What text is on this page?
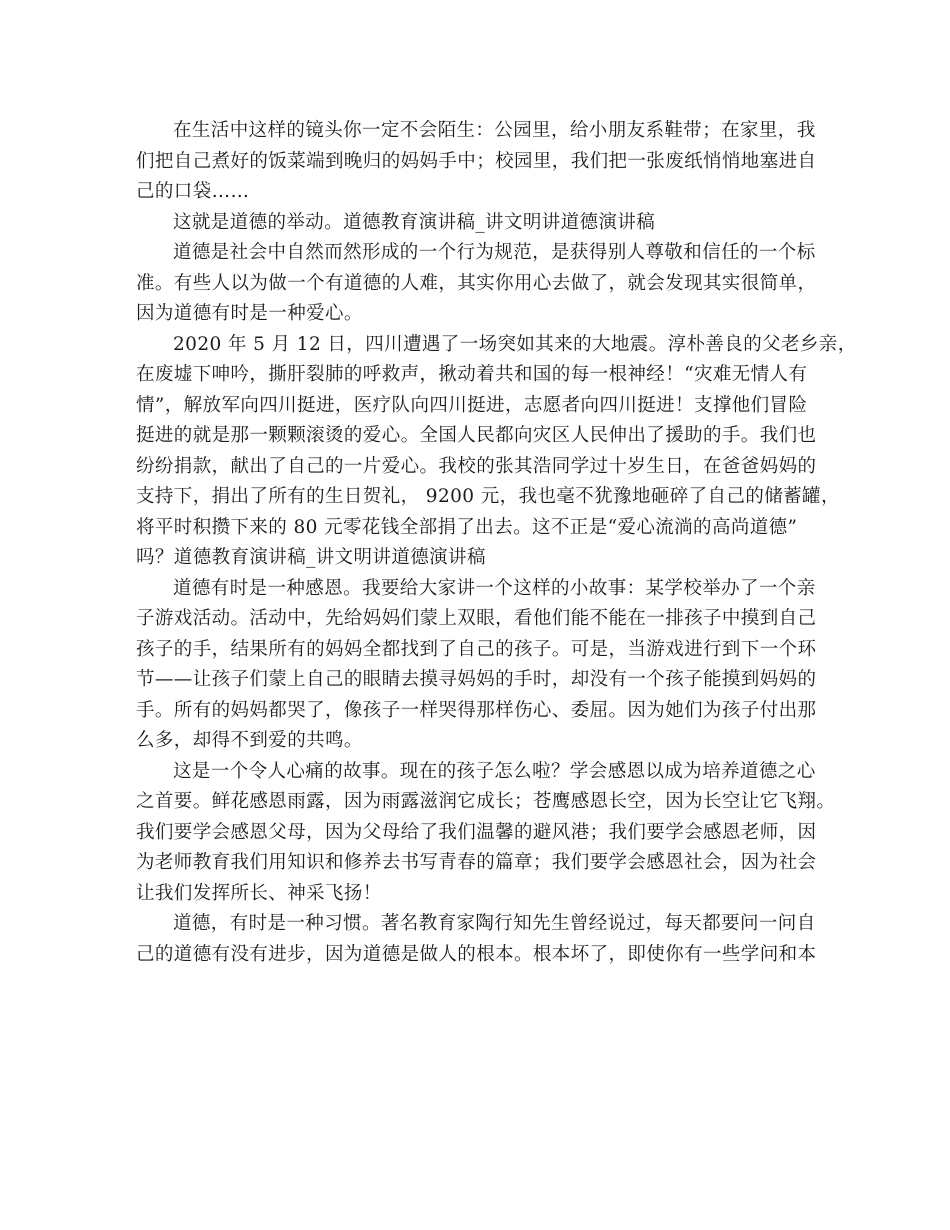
在生活中这样的镜头你一定不会陌生：公园里，给小朋友系鞋带；在家里，我
们把自己煮好的饭菜端到晚归的妈妈手中；校园里，我们把一张废纸悄悄地塞进自
己的口袋……
这就是道德的举动。道德教育演讲稿_讲文明讲道德演讲稿
道德是社会中自然而然形成的一个行为规范，是获得别人尊敬和信任的一个标
准。有些人以为做一个有道德的人难，其实你用心去做了，就会发现其实很简单，
因为道德有时是一种爱心。
2020 年 5 月 12 日，四川遭遇了一场突如其来的大地震。淳朴善良的父老乡亲，
在废墟下呻吟，撕肝裂肺的呼救声，揪动着共和国的每一根神经！“灾难无情人有
情”，解放军向四川挺进，医疗队向四川挺进，志愿者向四川挺进！支撑他们冒险
挺进的就是那一颗颗滚烫的爱心。全国人民都向灾区人民伸出了援助的手。我们也
纷纷捐款，献出了自己的一片爱心。我校的张其浩同学过十岁生日，在爸爸妈妈的
支持下，捐出了所有的生日贺礼， 9200 元，我也毫不犹豫地砸碎了自己的储蓄罐，
将平时积攒下来的 80 元零花钱全部捐了出去。这不正是“爱心流淌的高尚道德”
吗？道德教育演讲稿_讲文明讲道德演讲稿
道德有时是一种感恩。我要给大家讲一个这样的小故事：某学校举办了一个亲
子游戏活动。活动中，先给妈妈们蒙上双眼，看他们能不能在一排孩子中摸到自己
孩子的手，结果所有的妈妈全都找到了自己的孩子。可是，当游戏进行到下一个环
节——让孩子们蒙上自己的眼睛去摸寻妈妈的手时，却没有一个孩子能摸到妈妈的
手。所有的妈妈都哭了，像孩子一样哭得那样伤心、委屈。因为她们为孩子付出那
么多，却得不到爱的共鸣。
这是一个令人心痛的故事。现在的孩子怎么啦？学会感恩以成为培养道德之心
之首要。鲜花感恩雨露，因为雨露滋润它成长；苍鹰感恩长空，因为长空让它飞翔。
我们要学会感恩父母，因为父母给了我们温馨的避风港；我们要学会感恩老师，因
为老师教育我们用知识和修养去书写青春的篇章；我们要学会感恩社会，因为社会
让我们发挥所长、神采飞扬！
道德，有时是一种习惯。著名教育家陶行知先生曾经说过，每天都要问一问自
己的道德有没有进步，因为道德是做人的根本。根本坏了，即使你有一些学问和本
